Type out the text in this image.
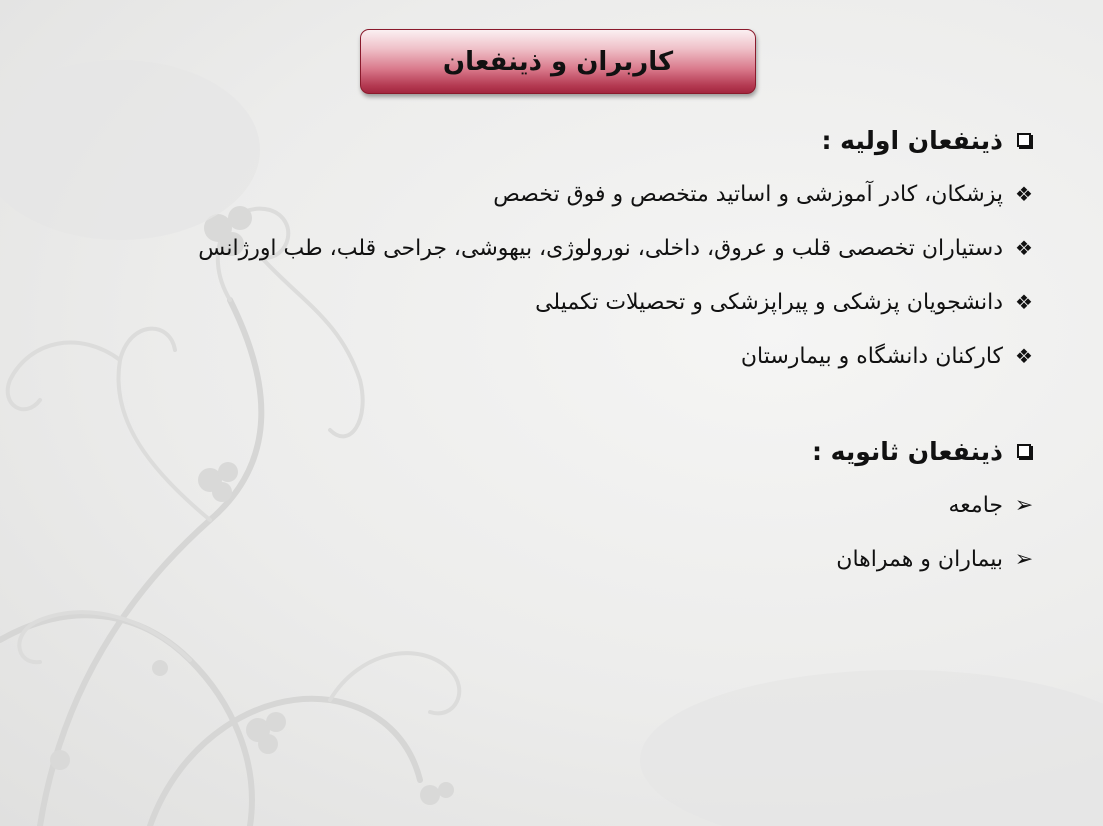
کاربران و ذینفعان
ذینفعان اولیه :
❖
پزشکان، کادر آموزشی و اساتید متخصص و فوق تخصص
❖
دستیاران تخصصی قلب و عروق، داخلی، نورولوژی، بیهوشی، جراحی قلب، طب اورژانس
❖
دانشجویان پزشکی و پیراپزشکی و تحصیلات تکمیلی
❖
کارکنان دانشگاه و بیمارستان
ذینفعان ثانویه :
➢
جامعه
➢
بیماران و همراهان
